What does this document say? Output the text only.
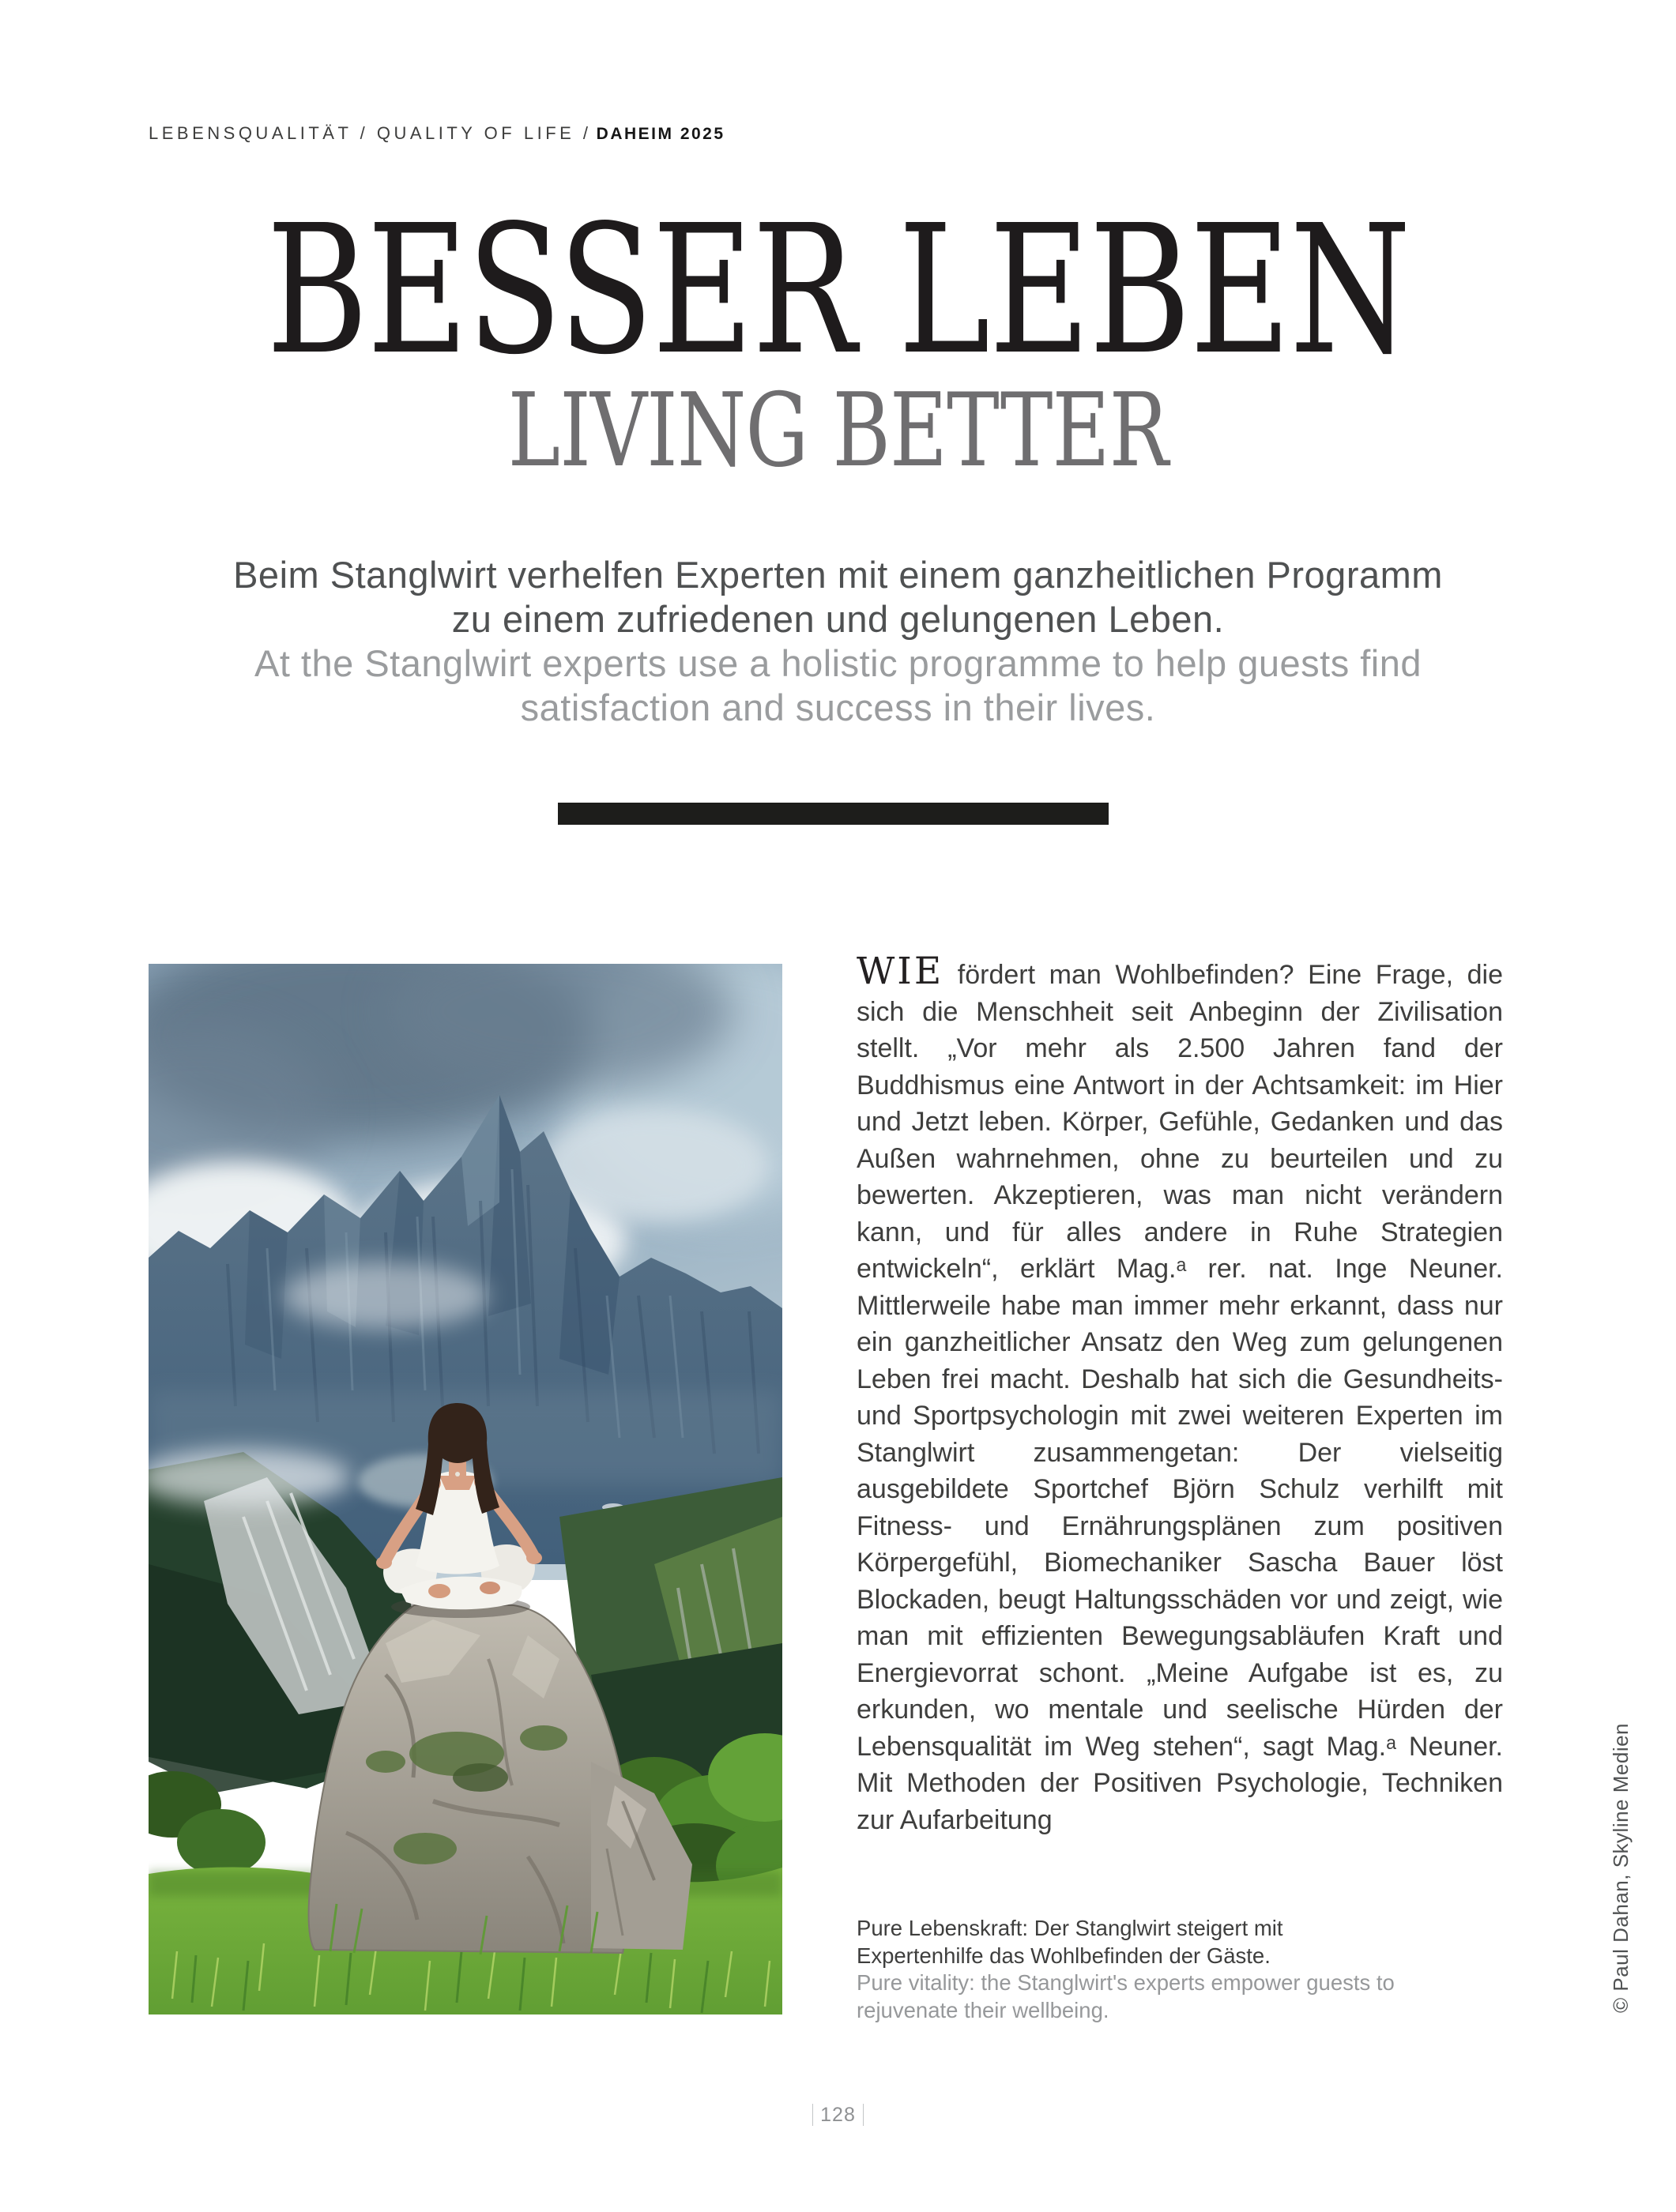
LEBENSQUALITÄT / QUALITY OF LIFE / DAHEIM 2025
BESSER LEBEN
LIVING BETTER
Beim Stanglwirt verhelfen Experten mit einem ganzheitlichen Programm zu einem zufriedenen und gelungenen Leben.
At the Stanglwirt experts use a holistic programme to help guests find satisfaction and success in their lives.

WIE fördert man Wohlbefinden? Eine Frage, die sich die Menschheit seit Anbeginn der Zivilisation stellt. „Vor mehr als 2.500 Jahren fand der Buddhismus eine Antwort in der Achtsamkeit: im Hier und Jetzt leben. Körper, Gefühle, Gedanken und das Außen wahrnehmen, ohne zu beurteilen und zu bewerten. Akzeptieren, was man nicht verändern kann, und für alles andere in Ruhe Strategien entwickeln“, erklärt Mag.ᵃ rer. nat. Inge Neuner. Mittlerweile habe man immer mehr erkannt, dass nur ein ganzheitlicher Ansatz den Weg zum gelungenen Leben frei macht. Deshalb hat sich die Gesundheits- und Sportpsychologin mit zwei weiteren Experten im Stanglwirt zusammengetan: Der vielseitig ausgebildete Sportchef Björn Schulz verhilft mit Fitness- und Ernährungsplänen zum positiven Körpergefühl, Biomechaniker Sascha Bauer löst Blockaden, beugt Haltungsschäden vor und zeigt, wie man mit effizienten Bewegungsabläufen Kraft und Energievorrat schont. „Meine Aufgabe ist es, zu erkunden, wo mentale und seelische Hürden der Lebensqualität im Weg stehen“, sagt Mag.ᵃ Neuner. Mit Methoden der Positiven Psychologie, Techniken zur Aufarbeitung

Pure Lebenskraft: Der Stanglwirt steigert mit Expertenhilfe das Wohlbefinden der Gäste.
Pure vitality: the Stanglwirt's experts empower guests to rejuvenate their wellbeing.	© Paul Dahan, Skyline Medien
128
